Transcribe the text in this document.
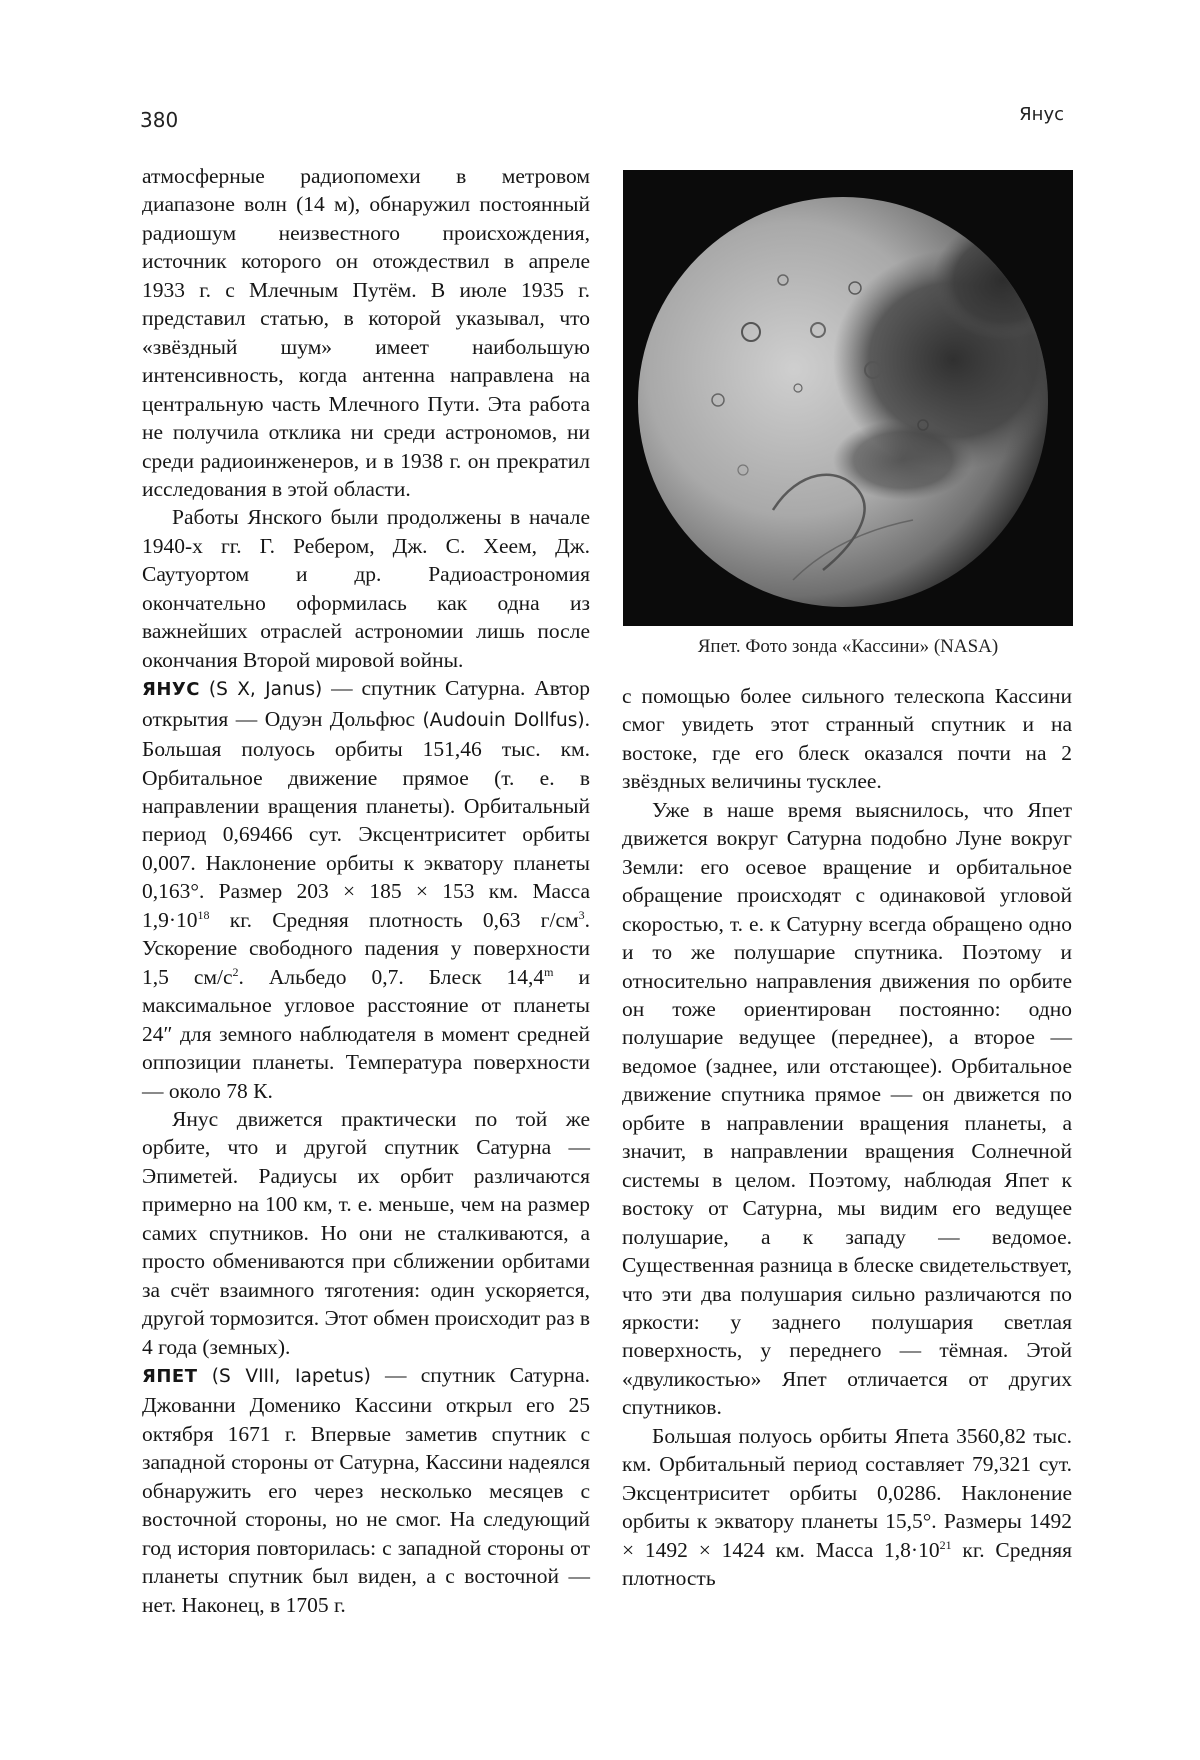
380	Янус

атмосферные радиопомехи в метровом диапазоне волн (14 м), обнаружил постоянный радиошум неизвестного происхождения, источник которого он отождествил в апреле 1933 г. с Млечным Путём. В июле 1935 г. представил статью, в которой указывал, что «звёздный шум» имеет наибольшую интенсивность, когда антенна направлена на центральную часть Млечного Пути. Эта работа не получила отклика ни среди астрономов, ни среди радиоинженеров, и в 1938 г. он прекратил исследования в этой области.

Работы Янского были продолжены в начале 1940-х гг. Г. Ребером, Дж. С. Хеем, Дж. Саутуортом и др. Радиоастрономия окончательно оформилась как одна из важнейших отраслей астрономии лишь после окончания Второй мировой войны.

ЯНУС (S X, Janus) — спутник Сатурна. Автор открытия — Одуэн Дольфюс (Audouin Dollfus). Большая полуось орбиты 151,46 тыс. км. Орбитальное движение прямое (т. е. в направлении вращения планеты). Орбитальный период 0,69466 сут. Эксцентриситет орбиты 0,007. Наклонение орбиты к экватору планеты 0,163°. Размер 203 × 185 × 153 км. Масса $1,9\cdot 10^{18}$ кг. Средняя плотность 0,63 $г/см^3$. Ускорение свободного падения у поверхности 1,5 $см/с^2$. Альбедо 0,7. Блеск 14,4$^m$ и максимальное угловое расстояние от планеты 24″ для земного наблюдателя в момент средней оппозиции планеты. Температура поверхности — около 78 К.

Янус движется практически по той же орбите, что и другой спутник Сатурна — Эпиметей. Радиусы их орбит различаются примерно на 100 км, т. е. меньше, чем на размер самих спутников. Но они не сталкиваются, а просто обмениваются при сближении орбитами за счёт взаимного тяготения: один ускоряется, другой тормозится. Этот обмен происходит раз в 4 года (земных).

ЯПЕТ (S VIII, Iapetus) — спутник Сатурна. Джованни Доменико Кассини открыл его 25 октября 1671 г. Впервые заметив спутник с западной стороны от Сатурна, Кассини надеялся обнаружить его через несколько месяцев с восточной стороны, но не смог. На следующий год история повторилась: с западной стороны от планеты спутник был виден, а с восточной — нет. Наконец, в 1705 г.

Япет. Фото зонда «Кассини» (NASA)

с помощью более сильного телескопа Кассини смог увидеть этот странный спутник и на востоке, где его блеск оказался почти на 2 звёздных величины тусклее.

Уже в наше время выяснилось, что Япет движется вокруг Сатурна подобно Луне вокруг Земли: его осевое вращение и орбитальное обращение происходят с одинаковой угловой скоростью, т. е. к Сатурну всегда обращено одно и то же полушарие спутника. Поэтому и относительно направления движения по орбите он тоже ориентирован постоянно: одно полушарие ведущее (переднее), а второе — ведомое (заднее, или отстающее). Орбитальное движение спутника прямое — он движется по орбите в направлении вращения планеты, а значит, в направлении вращения Солнечной системы в целом. Поэтому, наблюдая Япет к востоку от Сатурна, мы видим его ведущее полушарие, а к западу — ведомое. Существенная разница в блеске свидетельствует, что эти два полушария сильно различаются по яркости: у заднего полушария светлая поверхность, у переднего — тёмная. Этой «двуликостью» Япет отличается от других спутников.

Большая полуось орбиты Япета 3560,82 тыс. км. Орбитальный период составляет 79,321 сут. Эксцентриситет орбиты 0,0286. Наклонение орбиты к экватору планеты 15,5°. Размеры 1492 × 1492 × 1424 км. Масса $1,8\cdot 10^{21}$ кг. Средняя плотность
